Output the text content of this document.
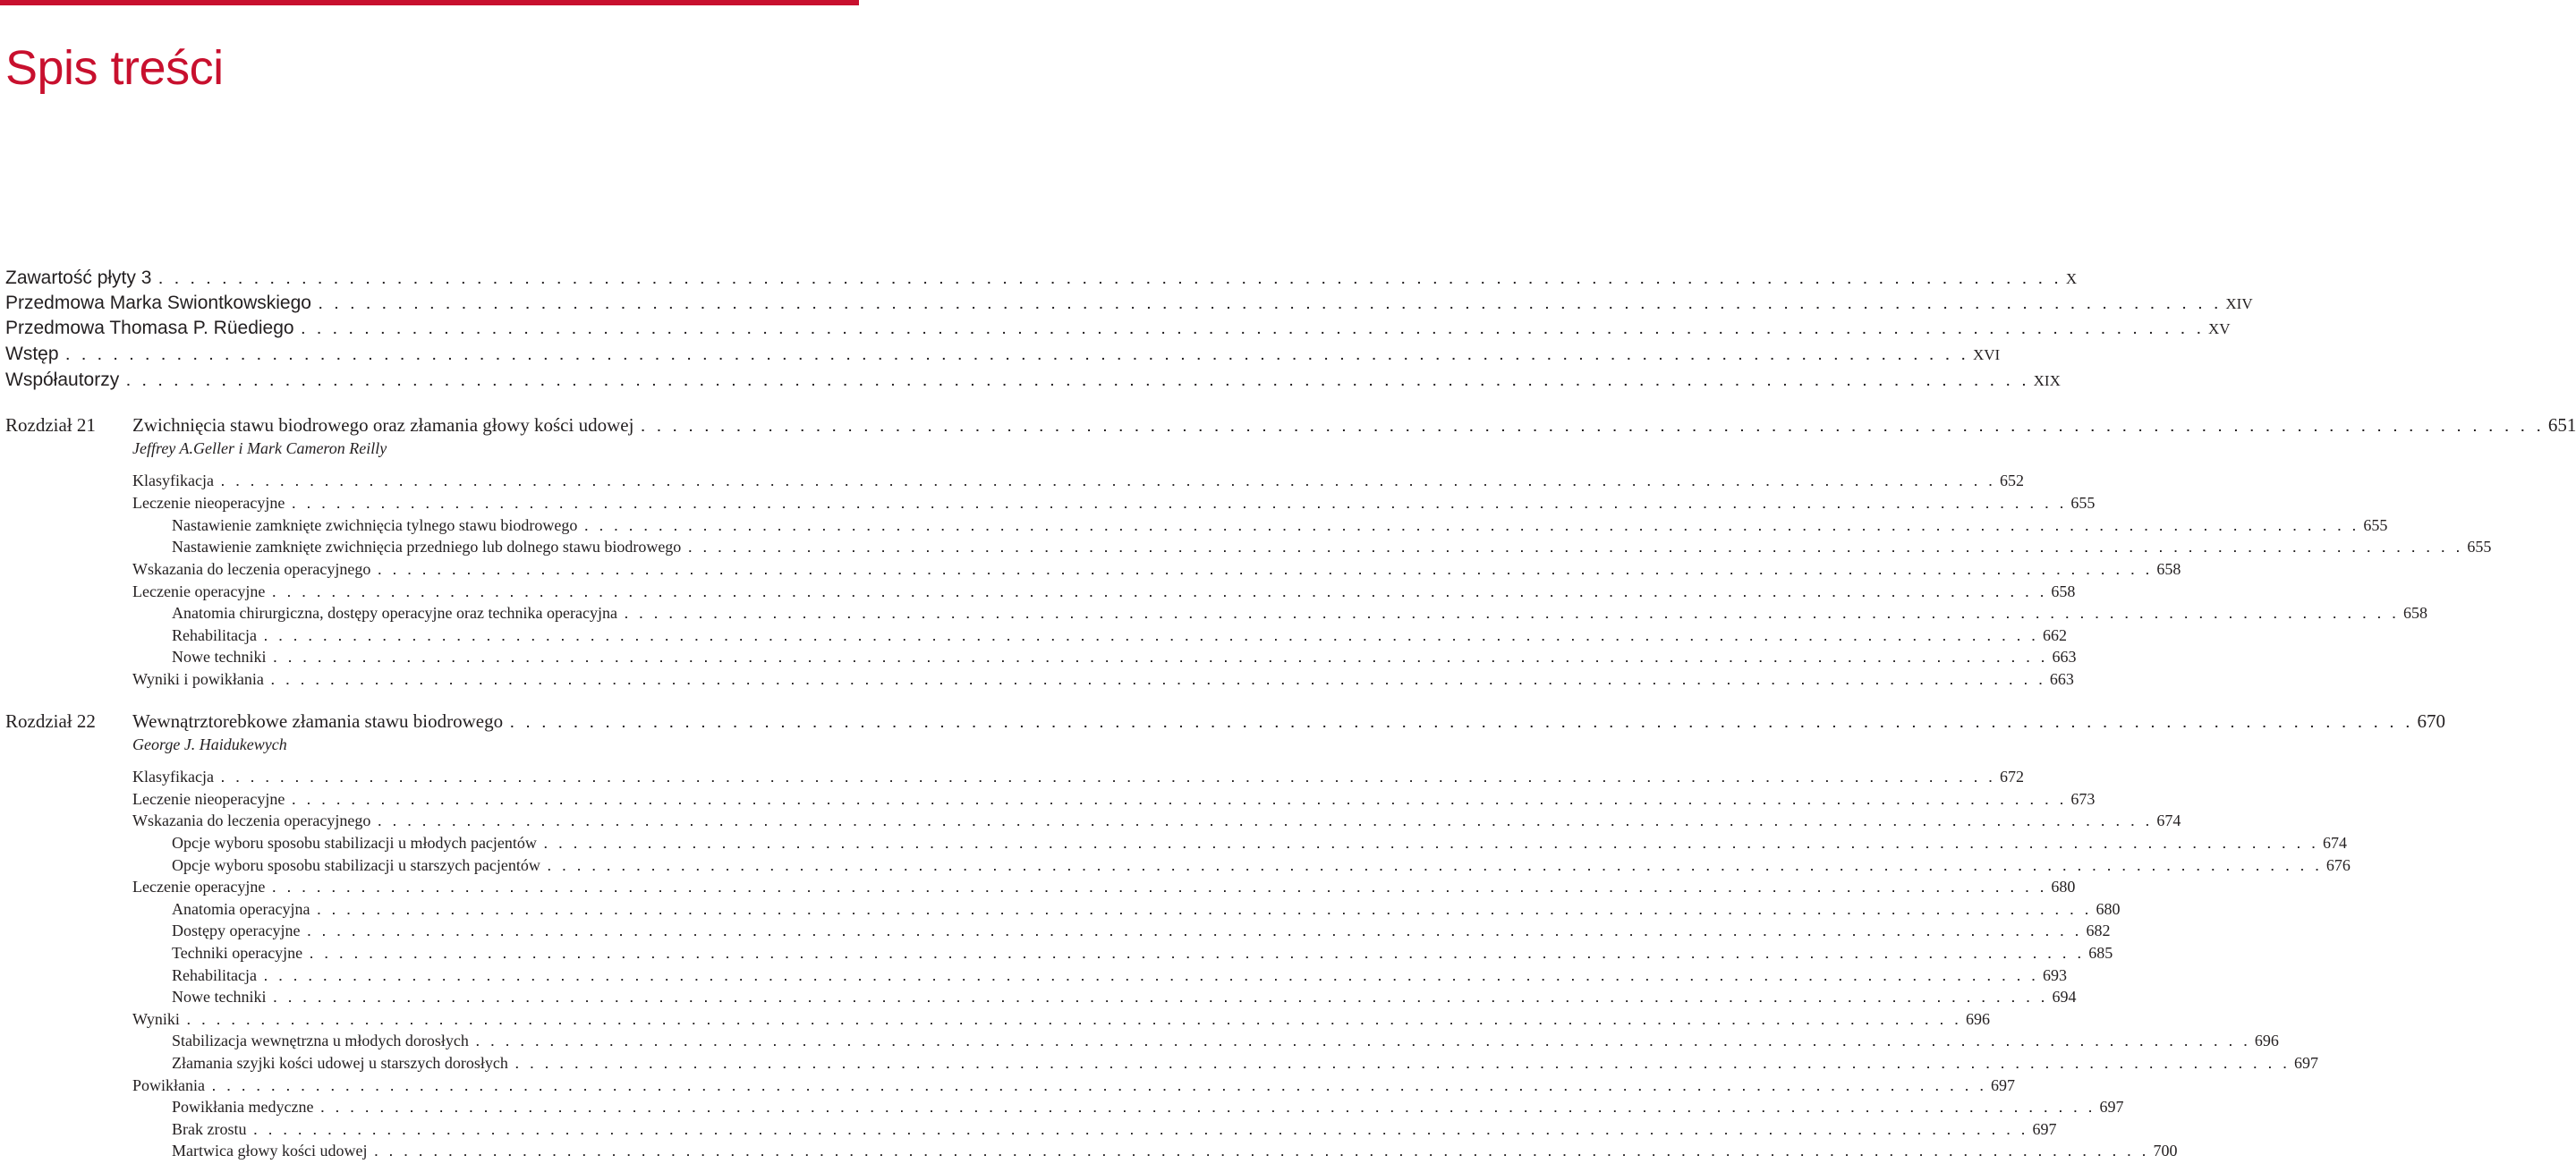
Spis treści
Zawartość płyty 3 . . . . . . . . . . . . . . . . . . . . . . . . . . . . . . . . . . . . . . . . . . . . . . . . . . . . . . . . . . . . . . . . . . . . . . . . . . . . . . . . . . . . . . . . . . . . . . . . . . . . . . . . . . . . . . . . . . . . . . . . X
Przedmowa Marka Swiontkowskiego . . . . . . . . . . . . . . . . . . . . . . . . . . . . . . . . . . . . . . . . . . . . . . . . . . . . . . . . . . . . . . . . . . . . . . . . . . . . . . . . . . . . . . . . . . . . . . . . . . . . . . . . . . . . . . . . . . . . . . . . XIV
Przedmowa Thomasa P. Rüediego . . . . . . . . . . . . . . . . . . . . . . . . . . . . . . . . . . . . . . . . . . . . . . . . . . . . . . . . . . . . . . . . . . . . . . . . . . . . . . . . . . . . . . . . . . . . . . . . . . . . . . . . . . . . . . . . . . . . . . . . XV
Wstęp . . . . . . . . . . . . . . . . . . . . . . . . . . . . . . . . . . . . . . . . . . . . . . . . . . . . . . . . . . . . . . . . . . . . . . . . . . . . . . . . . . . . . . . . . . . . . . . . . . . . . . . . . . . . . . . . . . . . . . . . XVI
Współautorzy . . . . . . . . . . . . . . . . . . . . . . . . . . . . . . . . . . . . . . . . . . . . . . . . . . . . . . . . . . . . . . . . . . . . . . . . . . . . . . . . . . . . . . . . . . . . . . . . . . . . . . . . . . . . . . . . . . . . . . . . XIX
Rozdział 21 Zwichnięcia stawu biodrowego oraz złamania głowy kości udowej . . . . . . . . . . . . . . . . . . . . . . . . . . . . . . . . . . . . . . . . . . . . . . . . . . . . . . . . . . . . . . . . . . . . . . . . . . . . . . . . . . . . . . . . . . . . . . . . . . . . . . . . . . . . . . . . . . . . . . . . 651
Jeffrey A.Geller i Mark Cameron Reilly
Klasyfikacja . . . . . . . . . . . . . . . . . . . . . . . . . . . . . . . . . . . . . . . . . . . . . . . . . . . . . . . . . . . . . . . . . . . . . . . . . . . . . . . . . . . . . . . . . . . . . . . . . . . . . . . . . . . . . . . . . . . . . . . . 652
Leczenie nieoperacyjne . . . . . . . . . . . . . . . . . . . . . . . . . . . . . . . . . . . . . . . . . . . . . . . . . . . . . . . . . . . . . . . . . . . . . . . . . . . . . . . . . . . . . . . . . . . . . . . . . . . . . . . . . . . . . . . . . . . . . . . . 655
Nastawienie zamknięte zwichnięcia tylnego stawu biodrowego . . . . . . . . . . . . . . . . . . . . . . . . . . . . . . . . . . . . . . . . . . . . . . . . . . . . . . . . . . . . . . . . . . . . . . . . . . . . . . . . . . . . . . . . . . . . . . . . . . . . . . . . . . . . . . . . . . . . . . . . 655
Nastawienie zamknięte zwichnięcia przedniego lub dolnego stawu biodrowego . . . . . . . . . . . . . . . . . . . . . . . . . . . . . . . . . . . . . . . . . . . . . . . . . . . . . . . . . . . . . . . . . . . . . . . . . . . . . . . . . . . . . . . . . . . . . . . . . . . . . . . . . . . . . . . . . . . . . . . . 655
Wskazania do leczenia operacyjnego . . . . . . . . . . . . . . . . . . . . . . . . . . . . . . . . . . . . . . . . . . . . . . . . . . . . . . . . . . . . . . . . . . . . . . . . . . . . . . . . . . . . . . . . . . . . . . . . . . . . . . . . . . . . . . . . . . . . . . . . 658
Leczenie operacyjne . . . . . . . . . . . . . . . . . . . . . . . . . . . . . . . . . . . . . . . . . . . . . . . . . . . . . . . . . . . . . . . . . . . . . . . . . . . . . . . . . . . . . . . . . . . . . . . . . . . . . . . . . . . . . . . . . . . . . . . . 658
Anatomia chirurgiczna, dostępy operacyjne oraz technika operacyjna . . . . . . . . . . . . . . . . . . . . . . . . . . . . . . . . . . . . . . . . . . . . . . . . . . . . . . . . . . . . . . . . . . . . . . . . . . . . . . . . . . . . . . . . . . . . . . . . . . . . . . . . . . . . . . . . . . . . . . . . 658
Rehabilitacja . . . . . . . . . . . . . . . . . . . . . . . . . . . . . . . . . . . . . . . . . . . . . . . . . . . . . . . . . . . . . . . . . . . . . . . . . . . . . . . . . . . . . . . . . . . . . . . . . . . . . . . . . . . . . . . . . . . . . . . . 662
Nowe techniki . . . . . . . . . . . . . . . . . . . . . . . . . . . . . . . . . . . . . . . . . . . . . . . . . . . . . . . . . . . . . . . . . . . . . . . . . . . . . . . . . . . . . . . . . . . . . . . . . . . . . . . . . . . . . . . . . . . . . . . . 663
Wyniki i powikłania . . . . . . . . . . . . . . . . . . . . . . . . . . . . . . . . . . . . . . . . . . . . . . . . . . . . . . . . . . . . . . . . . . . . . . . . . . . . . . . . . . . . . . . . . . . . . . . . . . . . . . . . . . . . . . . . . . . . . . . . 663
Rozdział 22 Wewnątrztorebkowe złamania stawu biodrowego . . . . . . . . . . . . . . . . . . . . . . . . . . . . . . . . . . . . . . . . . . . . . . . . . . . . . . . . . . . . . . . . . . . . . . . . . . . . . . . . . . . . . . . . . . . . . . . . . . . . . . . . . . . . . . . . . . . . . . . . 670
George J. Haidukewych
Klasyfikacja . . . . . . . . . . . . . . . . . . . . . . . . . . . . . . . . . . . . . . . . . . . . . . . . . . . . . . . . . . . . . . . . . . . . . . . . . . . . . . . . . . . . . . . . . . . . . . . . . . . . . . . . . . . . . . . . . . . . . . . . 672
Leczenie nieoperacyjne . . . . . . . . . . . . . . . . . . . . . . . . . . . . . . . . . . . . . . . . . . . . . . . . . . . . . . . . . . . . . . . . . . . . . . . . . . . . . . . . . . . . . . . . . . . . . . . . . . . . . . . . . . . . . . . . . . . . . . . . 673
Wskazania do leczenia operacyjnego . . . . . . . . . . . . . . . . . . . . . . . . . . . . . . . . . . . . . . . . . . . . . . . . . . . . . . . . . . . . . . . . . . . . . . . . . . . . . . . . . . . . . . . . . . . . . . . . . . . . . . . . . . . . . . . . . . . . . . . . 674
Opcje wyboru sposobu stabilizacji u młodych pacjentów . . . . . . . . . . . . . . . . . . . . . . . . . . . . . . . . . . . . . . . . . . . . . . . . . . . . . . . . . . . . . . . . . . . . . . . . . . . . . . . . . . . . . . . . . . . . . . . . . . . . . . . . . . . . . . . . . . . . . . . . 674
Opcje wyboru sposobu stabilizacji u starszych pacjentów . . . . . . . . . . . . . . . . . . . . . . . . . . . . . . . . . . . . . . . . . . . . . . . . . . . . . . . . . . . . . . . . . . . . . . . . . . . . . . . . . . . . . . . . . . . . . . . . . . . . . . . . . . . . . . . . . . . . . . . . 676
Leczenie operacyjne . . . . . . . . . . . . . . . . . . . . . . . . . . . . . . . . . . . . . . . . . . . . . . . . . . . . . . . . . . . . . . . . . . . . . . . . . . . . . . . . . . . . . . . . . . . . . . . . . . . . . . . . . . . . . . . . . . . . . . . . 680
Anatomia operacyjna . . . . . . . . . . . . . . . . . . . . . . . . . . . . . . . . . . . . . . . . . . . . . . . . . . . . . . . . . . . . . . . . . . . . . . . . . . . . . . . . . . . . . . . . . . . . . . . . . . . . . . . . . . . . . . . . . . . . . . . . 680
Dostępy operacyjne . . . . . . . . . . . . . . . . . . . . . . . . . . . . . . . . . . . . . . . . . . . . . . . . . . . . . . . . . . . . . . . . . . . . . . . . . . . . . . . . . . . . . . . . . . . . . . . . . . . . . . . . . . . . . . . . . . . . . . . . 682
Techniki operacyjne . . . . . . . . . . . . . . . . . . . . . . . . . . . . . . . . . . . . . . . . . . . . . . . . . . . . . . . . . . . . . . . . . . . . . . . . . . . . . . . . . . . . . . . . . . . . . . . . . . . . . . . . . . . . . . . . . . . . . . . . 685
Rehabilitacja . . . . . . . . . . . . . . . . . . . . . . . . . . . . . . . . . . . . . . . . . . . . . . . . . . . . . . . . . . . . . . . . . . . . . . . . . . . . . . . . . . . . . . . . . . . . . . . . . . . . . . . . . . . . . . . . . . . . . . . . 693
Nowe techniki . . . . . . . . . . . . . . . . . . . . . . . . . . . . . . . . . . . . . . . . . . . . . . . . . . . . . . . . . . . . . . . . . . . . . . . . . . . . . . . . . . . . . . . . . . . . . . . . . . . . . . . . . . . . . . . . . . . . . . . . 694
Wyniki . . . . . . . . . . . . . . . . . . . . . . . . . . . . . . . . . . . . . . . . . . . . . . . . . . . . . . . . . . . . . . . . . . . . . . . . . . . . . . . . . . . . . . . . . . . . . . . . . . . . . . . . . . . . . . . . . . . . . . . . 696
Stabilizacja wewnętrzna u młodych dorosłych . . . . . . . . . . . . . . . . . . . . . . . . . . . . . . . . . . . . . . . . . . . . . . . . . . . . . . . . . . . . . . . . . . . . . . . . . . . . . . . . . . . . . . . . . . . . . . . . . . . . . . . . . . . . . . . . . . . . . . . . 696
Złamania szyjki kości udowej u starszych dorosłych . . . . . . . . . . . . . . . . . . . . . . . . . . . . . . . . . . . . . . . . . . . . . . . . . . . . . . . . . . . . . . . . . . . . . . . . . . . . . . . . . . . . . . . . . . . . . . . . . . . . . . . . . . . . . . . . . . . . . . . . 697
Powikłania . . . . . . . . . . . . . . . . . . . . . . . . . . . . . . . . . . . . . . . . . . . . . . . . . . . . . . . . . . . . . . . . . . . . . . . . . . . . . . . . . . . . . . . . . . . . . . . . . . . . . . . . . . . . . . . . . . . . . . . . 697
Powikłania medyczne . . . . . . . . . . . . . . . . . . . . . . . . . . . . . . . . . . . . . . . . . . . . . . . . . . . . . . . . . . . . . . . . . . . . . . . . . . . . . . . . . . . . . . . . . . . . . . . . . . . . . . . . . . . . . . . . . . . . . . . . 697
Brak zrostu . . . . . . . . . . . . . . . . . . . . . . . . . . . . . . . . . . . . . . . . . . . . . . . . . . . . . . . . . . . . . . . . . . . . . . . . . . . . . . . . . . . . . . . . . . . . . . . . . . . . . . . . . . . . . . . . . . . . . . . . 697
Martwica głowy kości udowej . . . . . . . . . . . . . . . . . . . . . . . . . . . . . . . . . . . . . . . . . . . . . . . . . . . . . . . . . . . . . . . . . . . . . . . . . . . . . . . . . . . . . . . . . . . . . . . . . . . . . . . . . . . . . . . . . . . . . . . . 700
